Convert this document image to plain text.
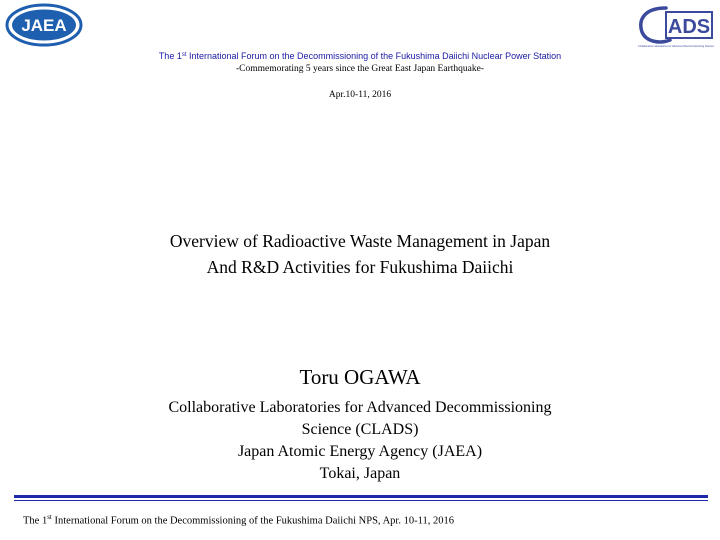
JAEA	ADS
Collaborative Laboratories for Advanced Decommissioning Science
The 1st International Forum on the Decommissioning of the Fukushima Daiichi Nuclear Power Station
-Commemorating 5 years since the Great East Japan Earthquake-
Apr.10-11, 2016
Overview of Radioactive Waste Management in Japan
And R&D Activities for Fukushima Daiichi
Toru OGAWA
Collaborative Laboratories for Advanced Decommissioning
Science (CLADS)
Japan Atomic Energy Agency (JAEA)
Tokai, Japan
The 1st International Forum on the Decommissioning of the Fukushima Daiichi NPS, Apr. 10-11, 2016
